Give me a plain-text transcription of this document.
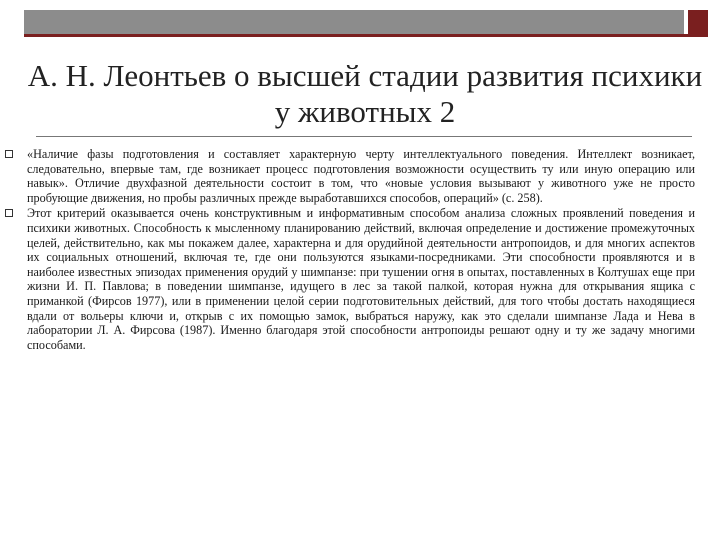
А. Н. Леонтьев о высшей стадии развития психики у животных 2
«Наличие фазы подготовления и составляет характерную черту интеллектуального поведения. Интеллект возникает, следовательно, впервые там, где возникает процесс подготовления возможности осуществить ту или иную операцию или навык». Отличие двухфазной деятельности состоит в том, что «новые условия вызывают у животного уже не просто пробующие движения, но пробы различных прежде выработавшихся способов, операций» (с. 258).
Этот критерий оказывается очень конструктивным и информативным способом анализа сложных проявлений поведения и психики животных. Способность к мысленному планированию действий, включая определение и достижение промежуточных целей, действительно, как мы покажем далее, характерна и для орудийной деятельности антропоидов, и для многих аспектов их социальных отношений, включая те, где они пользуются языками-посредниками. Эти способности проявляются и в наиболее известных эпизодах применения орудий у шимпанзе: при тушении огня в опытах, поставленных в Колтушах еще при жизни И. П. Павлова; в поведении шимпанзе, идущего в лес за такой палкой, которая нужна для открывания ящика с приманкой (Фирсов 1977), или в применении целой серии подготовительных действий, для того чтобы достать находящиеся вдали от вольеры ключи и, открыв с их помощью замок, выбраться наружу, как это сделали шимпанзе Лада и Нева в лаборатории Л. А. Фирсова (1987). Именно благодаря этой способности антропоиды решают одну и ту же задачу многими способами.
